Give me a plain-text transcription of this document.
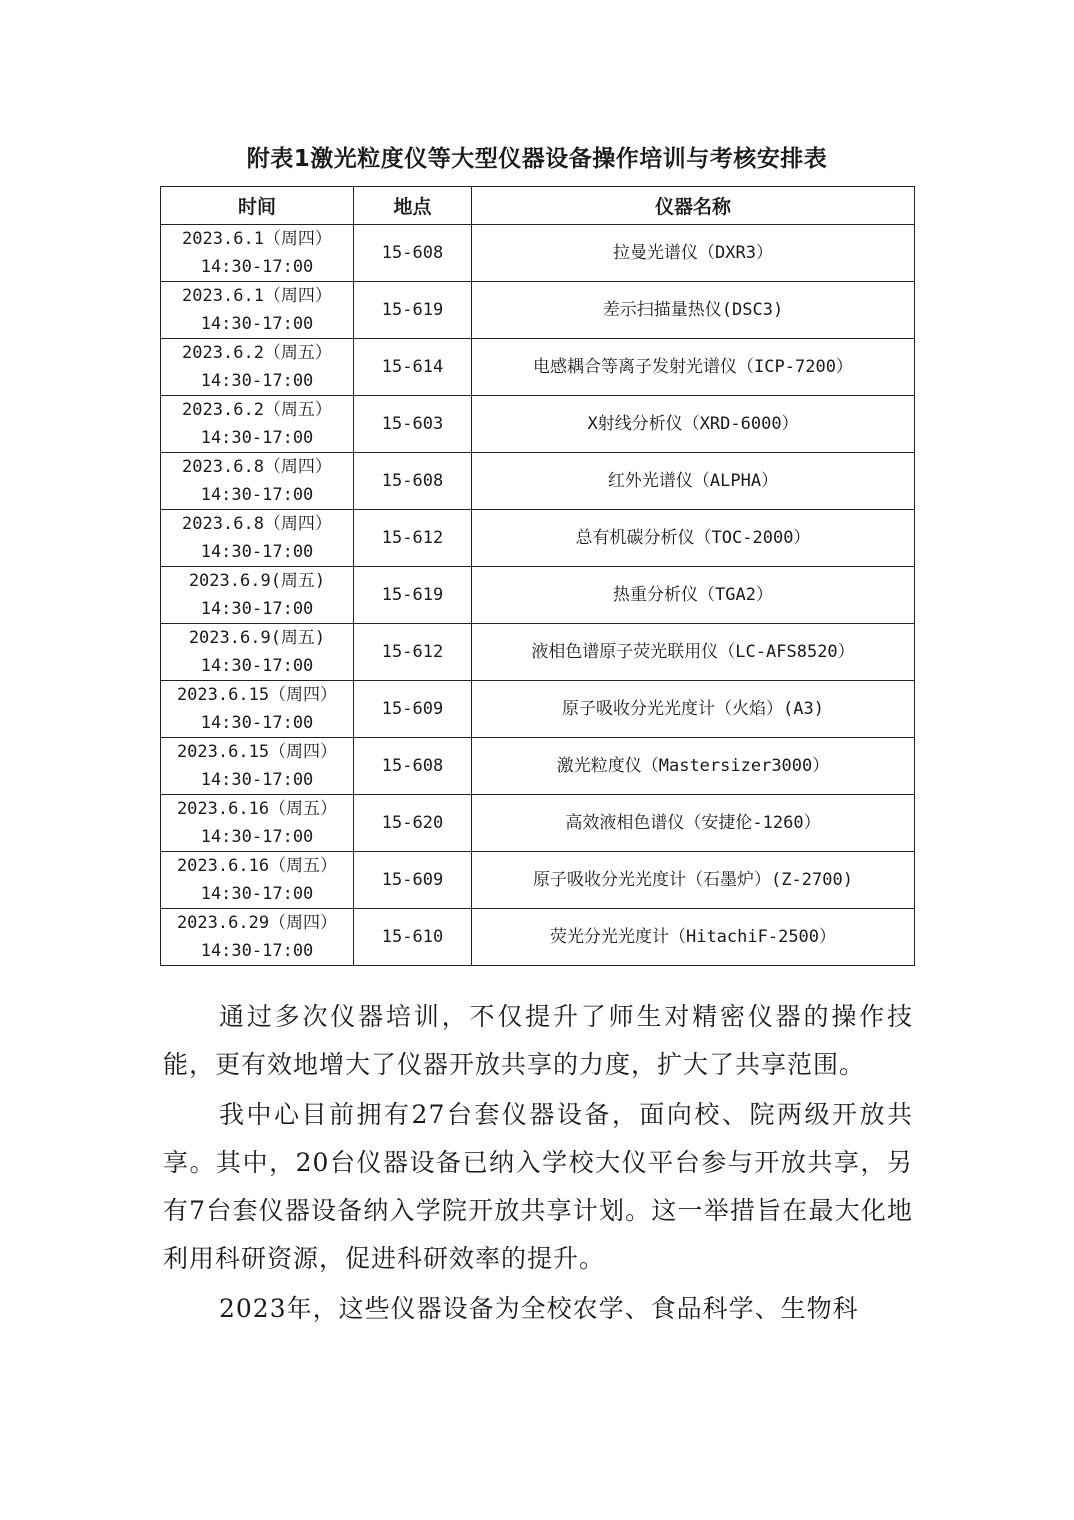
附表1激光粒度仪等大型仪器设备操作培训与考核安排表
时间	地点	仪器名称

2023.6.1（周四）
14:30-17:00	15-608	拉曼光谱仪（DXR3）

2023.6.1（周四）
14:30-17:00	15-619	差示扫描量热仪(DSC3)

2023.6.2（周五）
14:30-17:00	15-614	电感耦合等离子发射光谱仪（ICP-7200）

2023.6.2（周五）
14:30-17:00	15-603	X射线分析仪（XRD-6000）

2023.6.8（周四）
14:30-17:00	15-608	红外光谱仪（ALPHA）

2023.6.8（周四）
14:30-17:00	15-612	总有机碳分析仪（TOC-2000）

2023.6.9(周五)
14:30-17:00	15-619	热重分析仪（TGA2）

2023.6.9(周五)
14:30-17:00	15-612	液相色谱原子荧光联用仪（LC-AFS8520）

2023.6.15（周四）
14:30-17:00	15-609	原子吸收分光光度计（火焰）(A3)

2023.6.15（周四）
14:30-17:00	15-608	激光粒度仪（Mastersizer3000）

2023.6.16（周五）
14:30-17:00	15-620	高效液相色谱仪（安捷伦-1260）

2023.6.16（周五）
14:30-17:00	15-609	原子吸收分光光度计（石墨炉）(Z-2700)

2023.6.29（周四）
14:30-17:00	15-610	荧光分光光度计（HitachiF-2500）

通过多次仪器培训，不仅提升了师生对精密仪器的操作技能，更有效地增大了仪器开放共享的力度，扩大了共享范围。

我中心目前拥有27台套仪器设备，面向校、院两级开放共享。其中，20台仪器设备已纳入学校大仪平台参与开放共享，另有7台套仪器设备纳入学院开放共享计划。这一举措旨在最大化地利用科研资源，促进科研效率的提升。

2023年，这些仪器设备为全校农学、食品科学、生物科
